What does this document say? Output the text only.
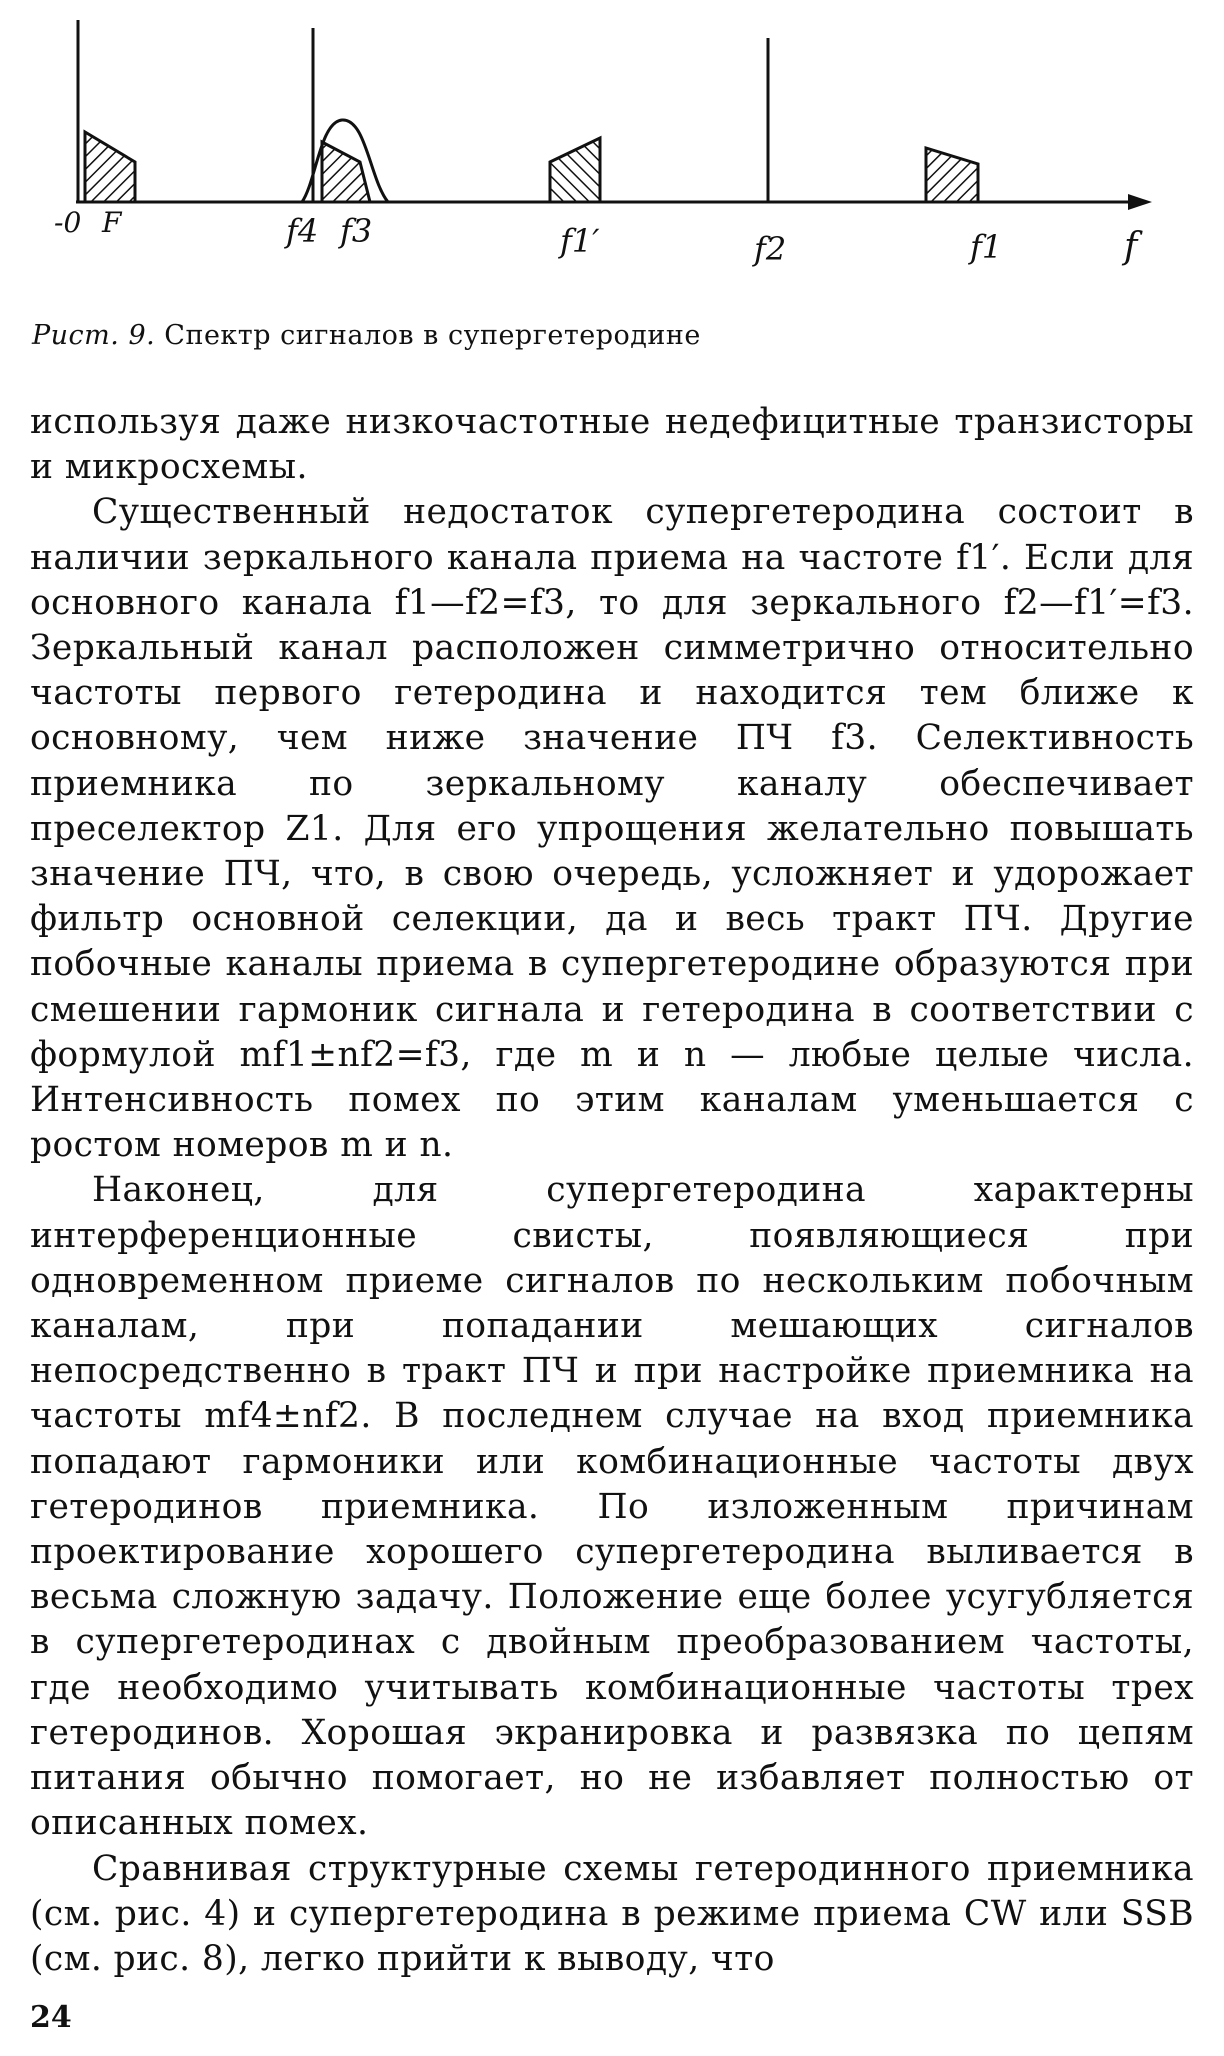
-0 F	f4 f3	f1′	f2	f1	f
Рист. 9. Спектр сигналов в супергетеродине

используя даже низкочастотные недефицитные транзисторы и микросхемы.

Существенный недостаток супергетеродина состоит в наличии зеркального канала приема на частоте f1′. Если для основного канала f1—f2=f3, то для зеркального f2—f1′=f3. Зеркальный канал расположен симметрично относительно частоты первого гетеродина и находится тем ближе к основному, чем ниже значение ПЧ f3. Селективность приемника по зеркальному каналу обеспечивает преселектор Z1. Для его упрощения желательно повышать значение ПЧ, что, в свою очередь, усложняет и удорожает фильтр основной селекции, да и весь тракт ПЧ. Другие побочные каналы приема в супергетеродине образуются при смешении гармоник сигнала и гетеродина в соответствии с формулой mf1±nf2=f3, где m и n — любые целые числа. Интенсивность помех по этим каналам уменьшается с ростом номеров m и n.

Наконец, для супергетеродина характерны интерференционные свисты, появляющиеся при одновременном приеме сигналов по нескольким побочным каналам, при попадании мешающих сигналов непосредственно в тракт ПЧ и при настройке приемника на частоты mf4±nf2. В последнем случае на вход приемника попадают гармоники или комбинационные частоты двух гетеродинов приемника. По изложенным причинам проектирование хорошего супергетеродина выливается в весьма сложную задачу. Положение еще более усугубляется в супергетеродинах с двойным преобразованием частоты, где необходимо учитывать комбинационные частоты трех гетеродинов. Хорошая экранировка и развязка по цепям питания обычно помогает, но не избавляет полностью от описанных помех.

Сравнивая структурные схемы гетеродинного приемника (см. рис. 4) и супергетеродина в режиме приема CW или SSB (см. рис. 8), легко прийти к выводу, что

24
